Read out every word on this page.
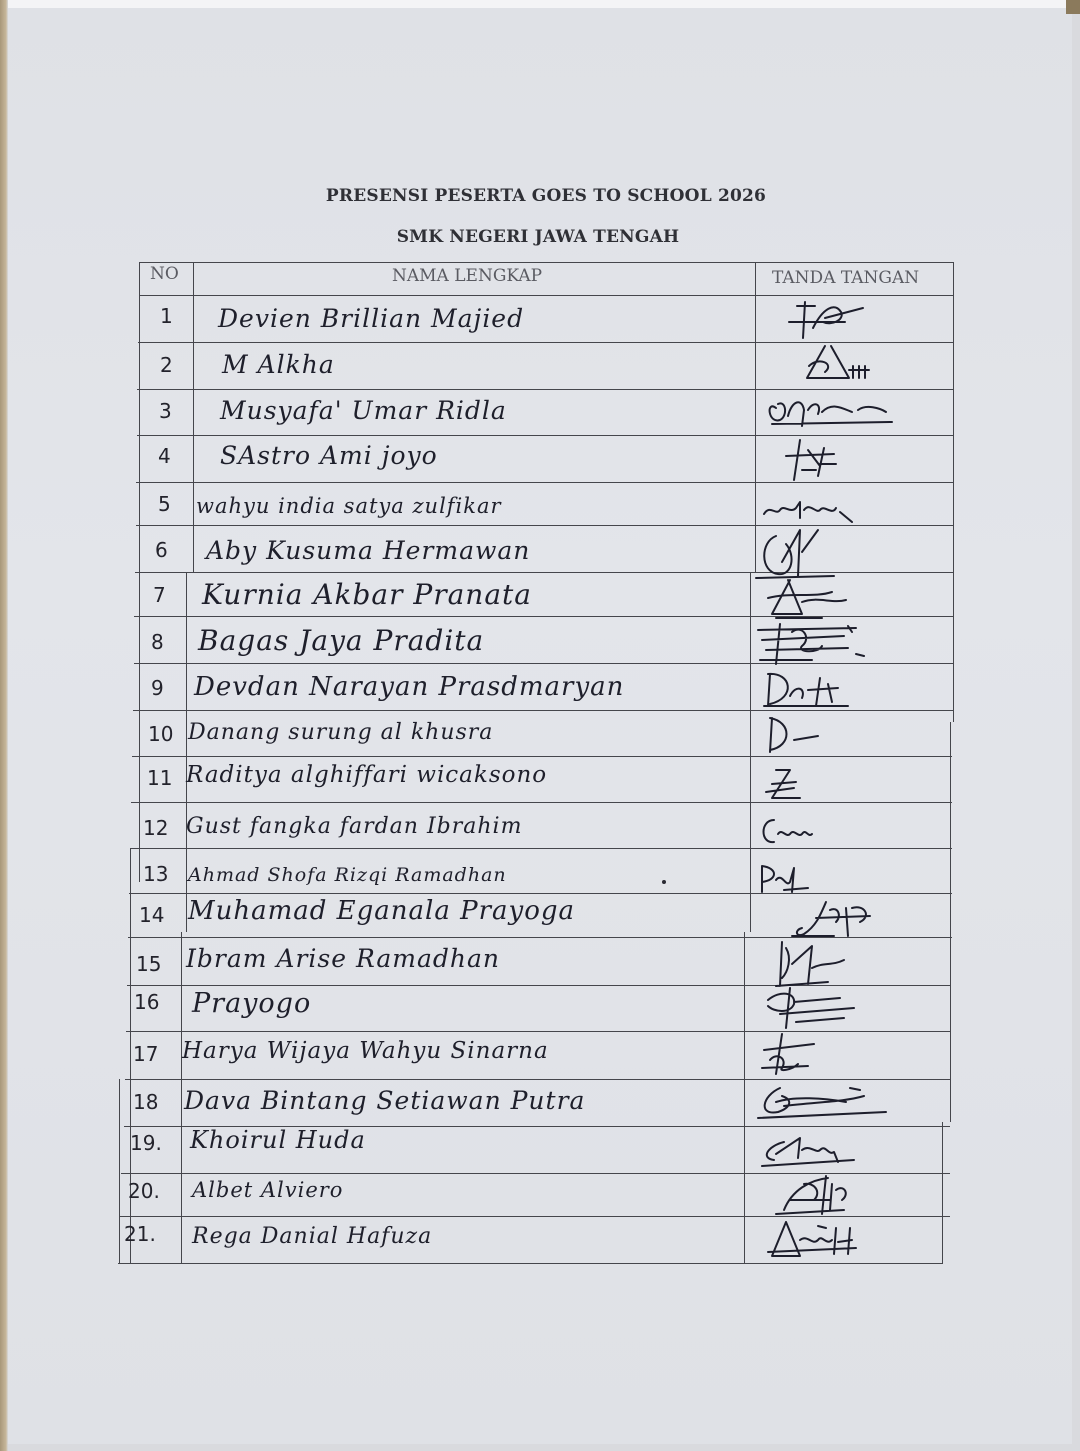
PRESENSI PESERTA GOES TO SCHOOL 2026
SMK NEGERI JAWA TENGAH
NO	NAMA LENGKAP	TANDA TANGAN
1
2
3
4
5
6
7
8
9
10
11
12
13
14
15
16
17
18
19.
20.
21.
Devien Brillian Majied
M Alkha
Musyafa' Umar Ridla
SAstro Ami joyo
wahyu india satya zulfikar
Aby Kusuma Hermawan
Kurnia Akbar Pranata
Bagas Jaya Pradita
Devdan Narayan Prasdmaryan
Danang surung al khusra
Raditya alghiffari wicaksono
Gust fangka fardan Ibrahim
Ahmad Shofa Rizqi Ramadhan
Muhamad Eganala Prayoga
Ibram Arise Ramadhan
Prayogo
Harya Wijaya Wahyu Sinarna
Dava Bintang Setiawan Putra
Khoirul Huda
Albet Alviero
Rega Danial Hafuza
